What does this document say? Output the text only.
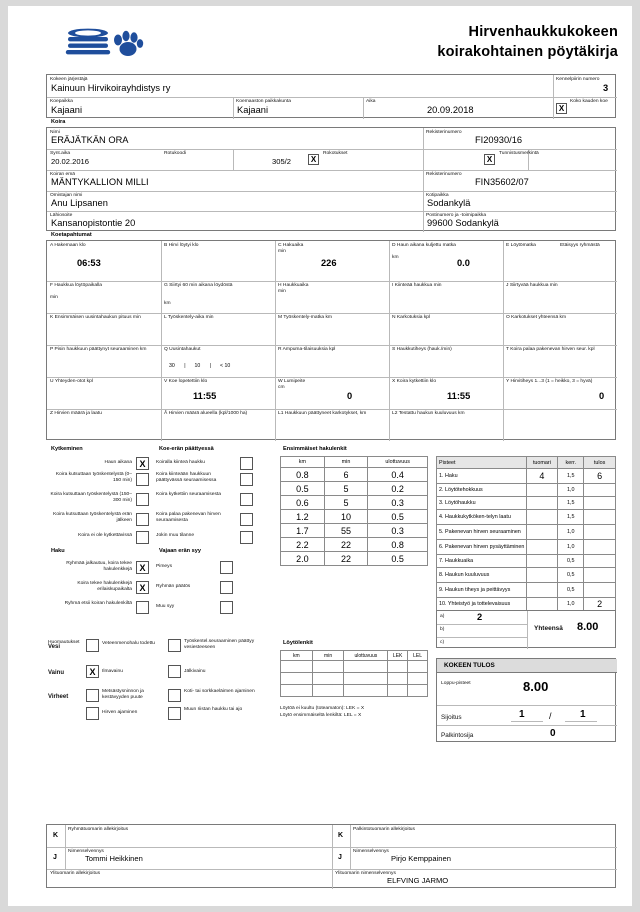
Hirvenhaukkukokeen
koirakohtainen pöytäkirja
Kokeen järjestäjä
Kainuun Hirvikoirayhdistys ry
Kennelpiirin numero
3
Koepaikka
Kajaani
Koemaaston paikkakunta
Kajaani
Aika
20.09.2018	X
Koko kauden koe
Koira
Nimi
ERÄJÄTKÄN ORA
Rekisterinumero
FI20930/16
Synt.aika
20.02.2016
Rotukoodi
305/2	X
Rokotukset
X
Tunnistusmerkintä
Koiran emä
MÄNTYKALLION MILLI
Rekisterinumero
FIN35602/07
Omistajan nimi
Anu Lipsanen
Kotipaikka
Sodankylä
Lähiosoite
Kansanopistontie 20
Postinumero ja -toimipaikka
99600 Sodankylä
Koetapahtumat
A Hakemaan klo
06:53
B Hirvi löytyi klo	C Hakuaika
min
226
D Haun aikana kuljettu matka
km
0.0
E Löytömatka	Etäisyys ryhmästä
F Haukkua löytöpaikalla
min
G Siirtyi 60 min aikana löydöstä
km
H Haukkuaika
min
I Kiinteää haukkua min	J Siirtyvää haukkua min
K Ensimmäisen uusintahaukun pituus min	L Työskentely-aika min	M Työskentely-matka km	N Karkotuksia kpl	O Karkotukset yhteensä km
P Pisin haukkuun päättynyt seuraaminen km	Q Uusintahaukut
30 |  10 |  < 10
R Ampuma-tilaisuuksia kpl	S Haukkutiheys (hauk./min)	T Koira palaa pakenevan hirven seur. kpl
U Yhteyden-otot kpl	V Koe lopetettiin klo
11:55
W Lumipeite
cm
0
X Koira kytkettiin klo
11:55
Y Hirvitiheys 1...3 (1 = heikko, 3 = hyvä)
0
Z Hirvien määrä ja laatu	Å Hirvien määrä alueella (kpl/1000 ha)	L1 Haukkuun päättyneet karkotykset, km	L2 Testattu haukun kuuluvuus km
Kytkeminen	Koe-erän päättyessä
Haun aikana X
Koira kutsuttaan työskentelystä (0–150 min)
Koira kutsuttaan työskentelystä (150–300 min)
Koira kutsuttaan työskentelystä erän jälkeen
Koira ei ole kytkettävissä
Koiralla kiinteä haukku
Koira kiinteään haukkuun päättyvässä seuraamisessa
Koira kytkettiin seuraamisesta
Koira palaa pakenevan hirven seuraamisesta
Jokin muu tilanne
Haku	Vajaan erän syy
Ryhmää jalkautuu, koira tekee hakulenkkejä X
Koira tekee hakulenkkejä erilaiskupaikalta X
Ryhmä etsii koiran hakulenkiltä
Pimeys
Ryhmän päätös
Muu syy
Ensimmäiset hakulenkit
km	min	ulottuvuus
0.8	6	0.4
0.5	5	0.2
0.6	5	0.3
1.2	10	0.5
1.7	55	0.3
2.2	22	0.8
2.0	22	0.5
Löytölenkit
km	min	ulottuvuus	LEK	LEL

Löytöä ei kuultu (toteamaton): LEK = X
Löytö ensimmäiseltä lenkiltä: LEL = X
Pisteet	tuomari	kerr.	tulos
1. Haku	4	1,5	6
2. Löytötehokkuus		1,0	
3. Löytöhaukku		1,5	
4. Haukkukytköken-telyn laatu		1,5	
5. Pakenevan hirven seuraaminen		1,0	
6. Pakenevan hirven pysäyttäminen		1,0	
7. Haukkuaika		0,5	
8. Haukun kuuluvuus		0,5	
9. Haukun tiheys ja peittävyys		0,5	
10. Yhteistyö ja tottelevaisuus		1,0	2
a)	2
b)
c)
Yhteensä 8.00
KOKEEN TULOS
Loppu-pisteet	8.00
Sijoitus	1	/	1
Palkintosija	0
Vesi
Veteenmenohalu todettu	Työskentel.seuraaminen päättyy vesiesteeseen
Vainu	X	Ilmavainu	Jälkivainu
Virheet
Metsästysninnon ja kestävyyden puute
Koti- tai sorkkaeläimen ajaminen
Hirven ajaminen
Muun riistan haukku tai ajo
Huomautukset
K
Ryhmätuomarin allekirjoitus
K
Palkintotuomarin allekirjoitus
J
Nimenselvennys
Tommi Heikkinen	J
Nimenselvennys
Pirjo Kemppainen
Ylituomarin allekirjoitus	Ylituomarin nimenselvennys
ELFVING JARMO
